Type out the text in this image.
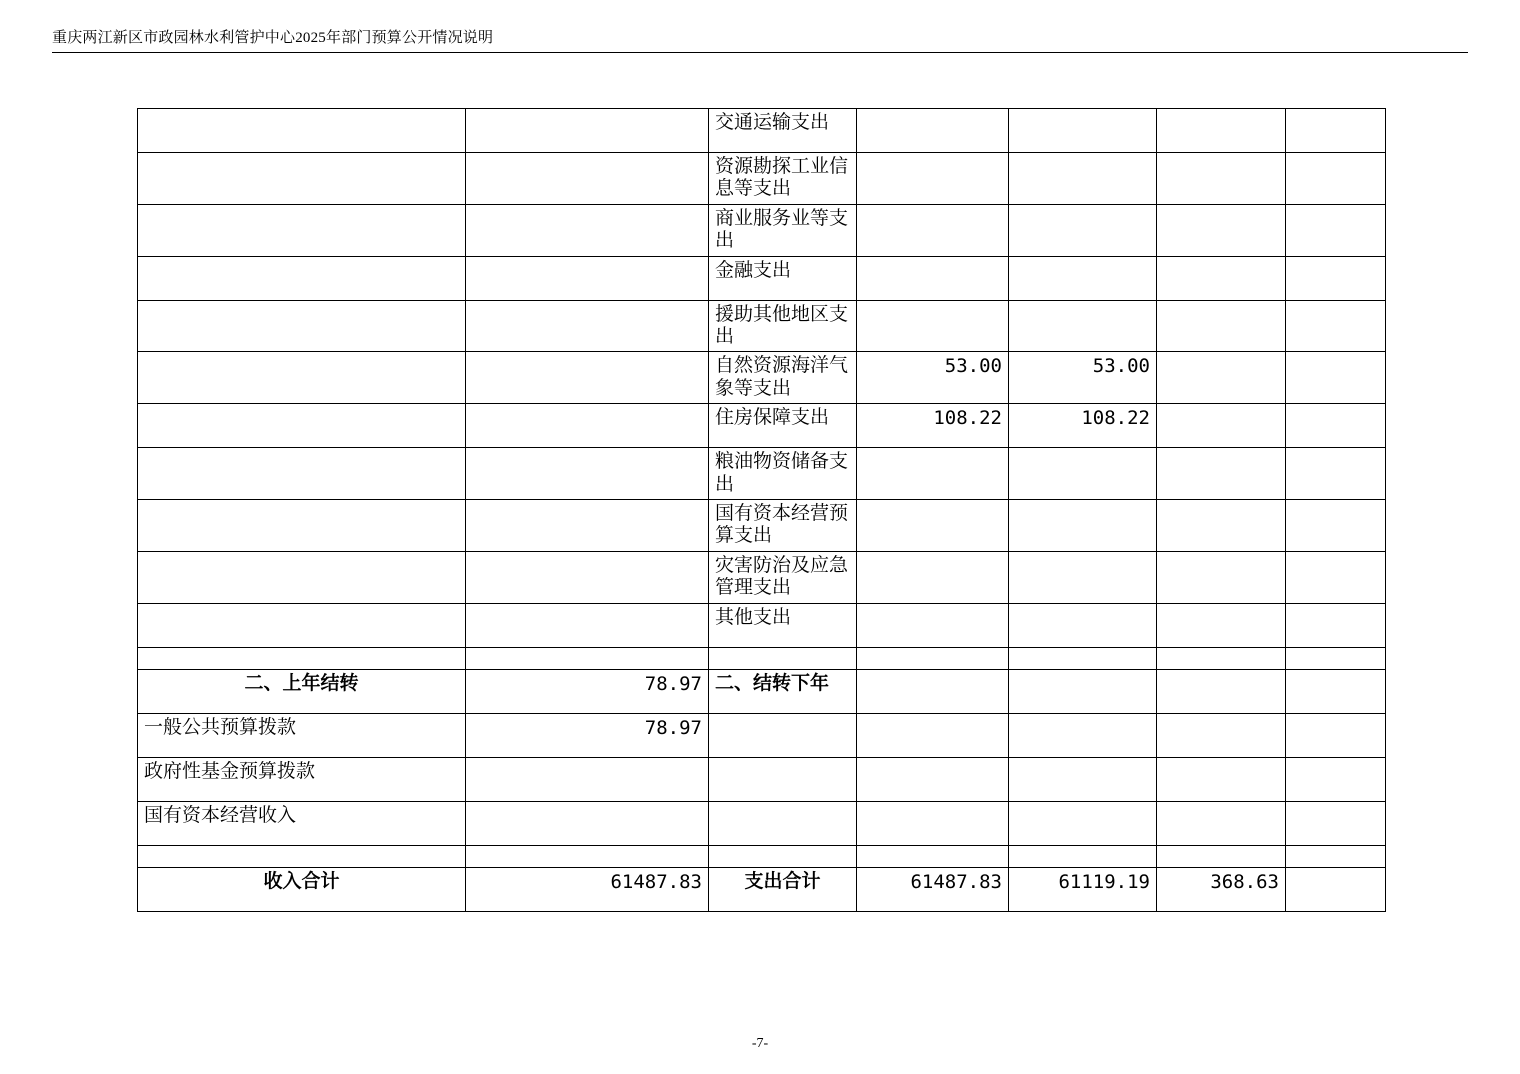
重庆两江新区市政园林水利管护中心2025年部门预算公开情况说明
		交通运输支出				
		资源勘探工业信息等支出				
		商业服务业等支出				
		金融支出				
		援助其他地区支出				
		自然资源海洋气象等支出	53.00	53.00		
		住房保障支出	108.22	108.22		
		粮油物资储备支出				
		国有资本经营预算支出				
		灾害防治及应急管理支出				
		其他支出				

二、上年结转	78.97	二、结转下年				
一般公共预算拨款	78.97					
政府性基金预算拨款						
国有资本经营收入						

收入合计	61487.83	支出合计	61487.83	61119.19	368.63	
-7-
